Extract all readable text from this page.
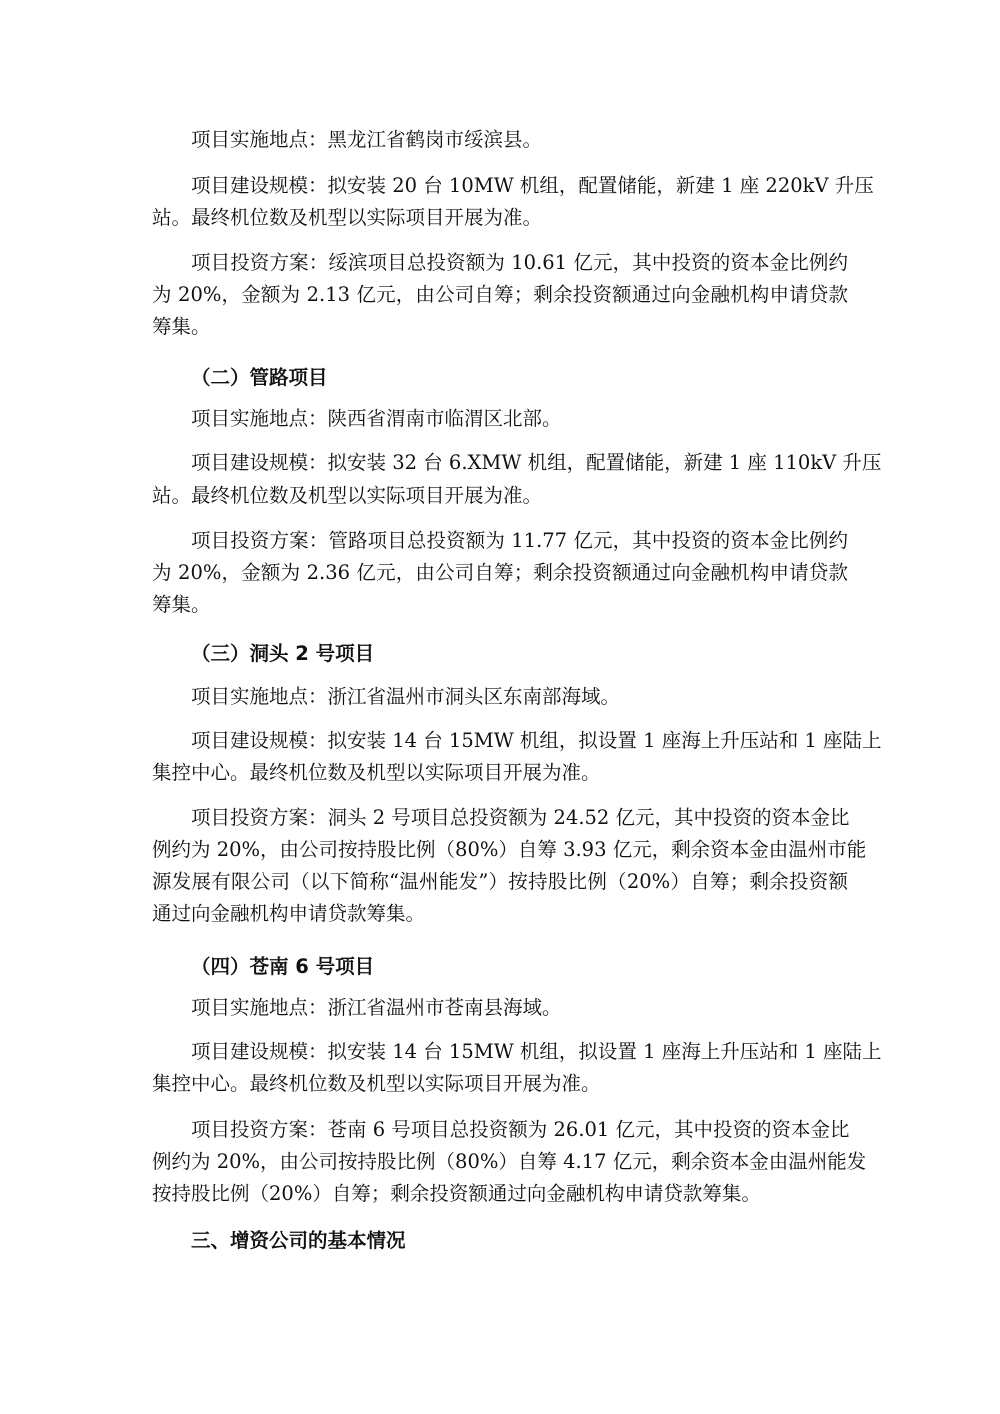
项目实施地点：黑龙江省鹤岗市绥滨县。
项目建设规模：拟安装 20 台 10MW 机组，配置储能，新建 1 座 220kV 升压
站。最终机位数及机型以实际项目开展为准。
项目投资方案：绥滨项目总投资额为 10.61 亿元，其中投资的资本金比例约
为 20%，金额为 2.13 亿元，由公司自筹；剩余投资额通过向金融机构申请贷款
筹集。
（二）管路项目
项目实施地点：陕西省渭南市临渭区北部。
项目建设规模：拟安装 32 台 6.XMW 机组，配置储能，新建 1 座 110kV 升压
站。最终机位数及机型以实际项目开展为准。
项目投资方案：管路项目总投资额为 11.77 亿元，其中投资的资本金比例约
为 20%，金额为 2.36 亿元，由公司自筹；剩余投资额通过向金融机构申请贷款
筹集。
（三）洞头 2 号项目
项目实施地点：浙江省温州市洞头区东南部海域。
项目建设规模：拟安装 14 台 15MW 机组，拟设置 1 座海上升压站和 1 座陆上
集控中心。最终机位数及机型以实际项目开展为准。
项目投资方案：洞头 2 号项目总投资额为 24.52 亿元，其中投资的资本金比
例约为 20%，由公司按持股比例（80%）自筹 3.93 亿元，剩余资本金由温州市能
源发展有限公司（以下简称“温州能发”）按持股比例（20%）自筹；剩余投资额
通过向金融机构申请贷款筹集。
（四）苍南 6 号项目
项目实施地点：浙江省温州市苍南县海域。
项目建设规模：拟安装 14 台 15MW 机组，拟设置 1 座海上升压站和 1 座陆上
集控中心。最终机位数及机型以实际项目开展为准。
项目投资方案：苍南 6 号项目总投资额为 26.01 亿元，其中投资的资本金比
例约为 20%，由公司按持股比例（80%）自筹 4.17 亿元，剩余资本金由温州能发
按持股比例（20%）自筹；剩余投资额通过向金融机构申请贷款筹集。
三、增资公司的基本情况
